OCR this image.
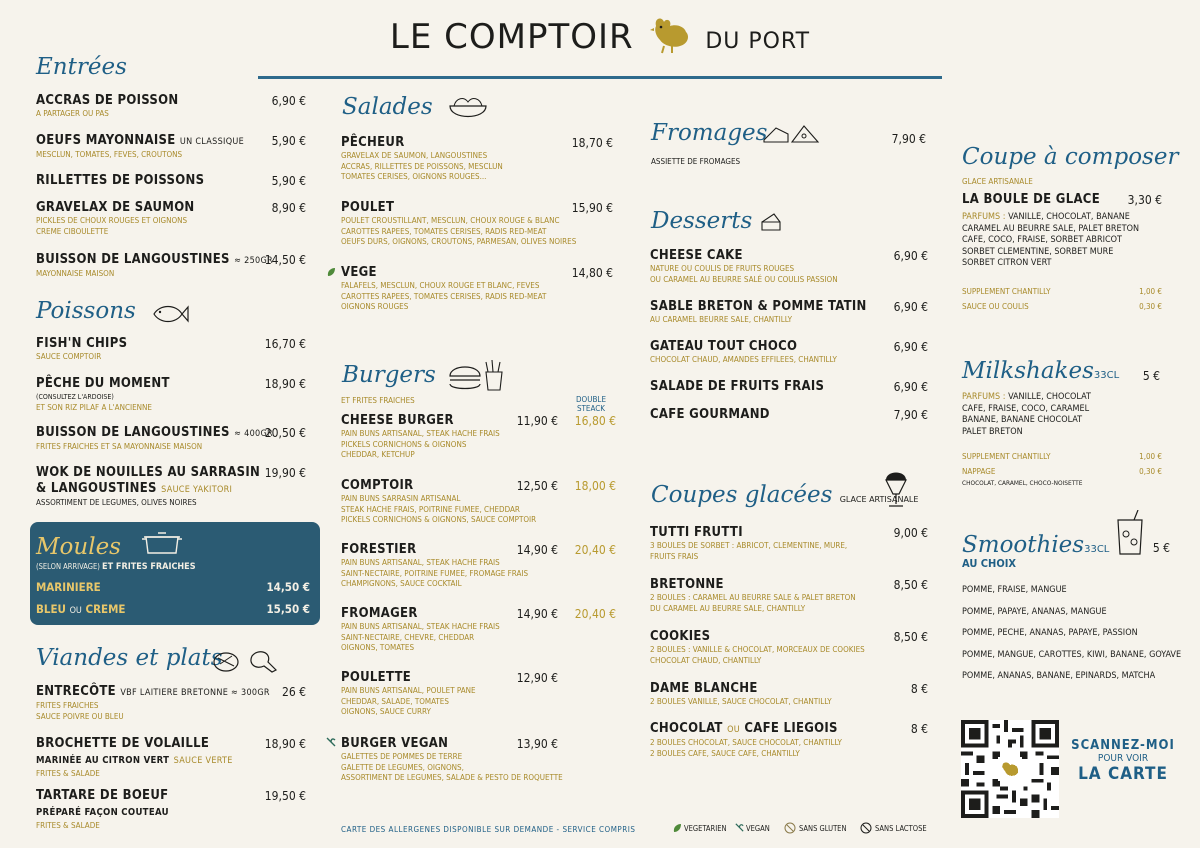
LE COMPTOIR	DU PORT
Entrées
ACCRAS DE POISSON
A PARTAGER OU PAS
6,90 €
OEUFS MAYONNAISE UN CLASSIQUE
MESCLUN, TOMATES, FEVES, CROUTONS
5,90 €
RILLETTES DE POISSONS	5,90 €
GRAVELAX DE SAUMON
PICKLES DE CHOUX ROUGES ET OIGNONS
CREME CIBOULETTE
8,90 €
BUISSON DE LANGOUSTINES ≈ 250GR
MAYONNAISE MAISON
14,50 €
Poissons
FISH'N CHIPS
SAUCE COMPTOIR
16,70 €
PÊCHE DU MOMENT
(CONSULTEZ L'ARDOISE)
ET SON RIZ PILAF A L'ANCIENNE
18,90 €
BUISSON DE LANGOUSTINES ≈ 400GR
FRITES FRAICHES ET SA MAYONNAISE MAISON
20,50 €
WOK DE NOUILLES AU SARRASIN
& LANGOUSTINES SAUCE YAKITORI
ASSORTIMENT DE LEGUMES, OLIVES NOIRES
19,90 €
Moules
(SELON ARRIVAGE) ET FRITES FRAICHES
MARINIERE	14,50 €
BLEU OU CREME	15,50 €
Viandes et plats
ENTRECÔTE VBF LAITIERE BRETONNE ≈ 300GR
FRITES FRAICHES
SAUCE POIVRE OU BLEU
26 €
BROCHETTE DE VOLAILLE
MARINÉE AU CITRON VERT SAUCE VERTE
FRITES & SALADE
18,90 €
TARTARE DE BOEUF
PRÉPARÉ FAÇON COUTEAU
FRITES & SALADE
19,50 €
Salades
PÊCHEUR
GRAVELAX DE SAUMON, LANGOUSTINES
ACCRAS, RILLETTES DE POISSONS, MESCLUN
TOMATES CERISES, OIGNONS ROUGES...
18,70 €
POULET
POULET CROUSTILLANT, MESCLUN, CHOUX ROUGE & BLANC
CAROTTES RAPEES, TOMATES CERISES, RADIS RED-MEAT
OEUFS DURS, OIGNONS, CROUTONS, PARMESAN, OLIVES NOIRES
15,90 €
VEGE
FALAFELS, MESCLUN, CHOUX ROUGE ET BLANC, FEVES
CAROTTES RAPEES, TOMATES CERISES, RADIS RED-MEAT
OIGNONS ROUGES
14,80 €
Burgers
ET FRITES FRAICHES	DOUBLE
STEACK
CHEESE BURGER
PAIN BUNS ARTISANAL, STEAK HACHE FRAIS
PICKELS CORNICHONS & OIGNONS
CHEDDAR, KETCHUP
11,90 € 16,80 €
COMPTOIR
PAIN BUNS SARRASIN ARTISANAL
STEAK HACHE FRAIS, POITRINE FUMEE, CHEDDAR
PICKELS CORNICHONS & OIGNONS, SAUCE COMPTOIR
12,50 € 18,00 €
FORESTIER
PAIN BUNS ARTISANAL, STEAK HACHE FRAIS
SAINT-NECTAIRE, POITRINE FUMEE, FROMAGE FRAIS
CHAMPIGNONS, SAUCE COCKTAIL
14,90 € 20,40 €
FROMAGER
PAIN BUNS ARTISANAL, STEAK HACHE FRAIS
SAINT-NECTAIRE, CHEVRE, CHEDDAR
OIGNONS, TOMATES
14,90 € 20,40 €
POULETTE
PAIN BUNS ARTISANAL, POULET PANE
CHEDDAR, SALADE, TOMATES
OIGNONS, SAUCE CURRY
12,90 €
BURGER VEGAN
GALETTES DE POMMES DE TERRE
GALETTE DE LEGUMES, OIGNONS,
ASSORTIMENT DE LEGUMES, SALADE & PESTO DE ROQUETTE
13,90 €
CARTE DES ALLERGENES DISPONIBLE SUR DEMANDE - SERVICE COMPRIS
Fromages	7,90 €
ASSIETTE DE FROMAGES
Desserts
CHEESE CAKE
NATURE OU COULIS DE FRUITS ROUGES
OU CARAMEL AU BEURRE SALÉ OU COULIS PASSION
6,90 €
SABLE BRETON & POMME TATIN
AU CARAMEL BEURRE SALE, CHANTILLY
6,90 €
GATEAU TOUT CHOCO
CHOCOLAT CHAUD, AMANDES EFFILEES, CHANTILLY
6,90 €
SALADE DE FRUITS FRAIS	6,90 €
CAFE GOURMAND	7,90 €
Coupes glacées GLACE ARTISANALE
TUTTI FRUTTI
3 BOULES DE SORBET : ABRICOT, CLEMENTINE, MURE,
FRUITS FRAIS
9,00 €
BRETONNE
2 BOULES : CARAMEL AU BEURRE SALE & PALET BRETON
DU CARAMEL AU BEURRE SALE, CHANTILLY
8,50 €
COOKIES
2 BOULES : VANILLE & CHOCOLAT, MORCEAUX DE COOKIES
CHOCOLAT CHAUD, CHANTILLY
8,50 €
DAME BLANCHE
2 BOULES VANILLE, SAUCE CHOCOLAT, CHANTILLY
8 €
CHOCOLAT OU CAFE LIEGOIS
2 BOULES CHOCOLAT, SAUCE CHOCOLAT, CHANTILLY
2 BOULES CAFE, SAUCE CAFE, CHANTILLY
8 €
VEGETARIEN	VEGAN	SANS GLUTEN	SANS LACTOSE
Coupe à composer
GLACE ARTISANALE
LA BOULE DE GLACE	3,30 €
PARFUMS : VANILLE, CHOCOLAT, BANANE
CARAMEL AU BEURRE SALE, PALET BRETON
CAFE, COCO, FRAISE, SORBET ABRICOT
SORBET CLEMENTINE, SORBET MURE
SORBET CITRON VERT
SUPPLEMENT CHANTILLY	1,00 €
SAUCE OU COULIS	0,30 €
Milkshakes33CL	5 €
PARFUMS : VANILLE, CHOCOLAT
CAFE, FRAISE, COCO, CARAMEL
BANANE, BANANE CHOCOLAT
PALET BRETON
SUPPLEMENT CHANTILLY	1,00 €
NAPPAGE	0,30 €
CHOCOLAT, CARAMEL, CHOCO-NOISETTE
Smoothies33CL	5 €
AU CHOIX
POMME, FRAISE, MANGUE
POMME, PAPAYE, ANANAS, MANGUE
POMME, PECHE, ANANAS, PAPAYE, PASSION
POMME, MANGUE, CAROTTES, KIWI, BANANE, GOYAVE
POMME, ANANAS, BANANE, EPINARDS, MATCHA
SCANNEZ-MOI
POUR VOIR
LA CARTE
